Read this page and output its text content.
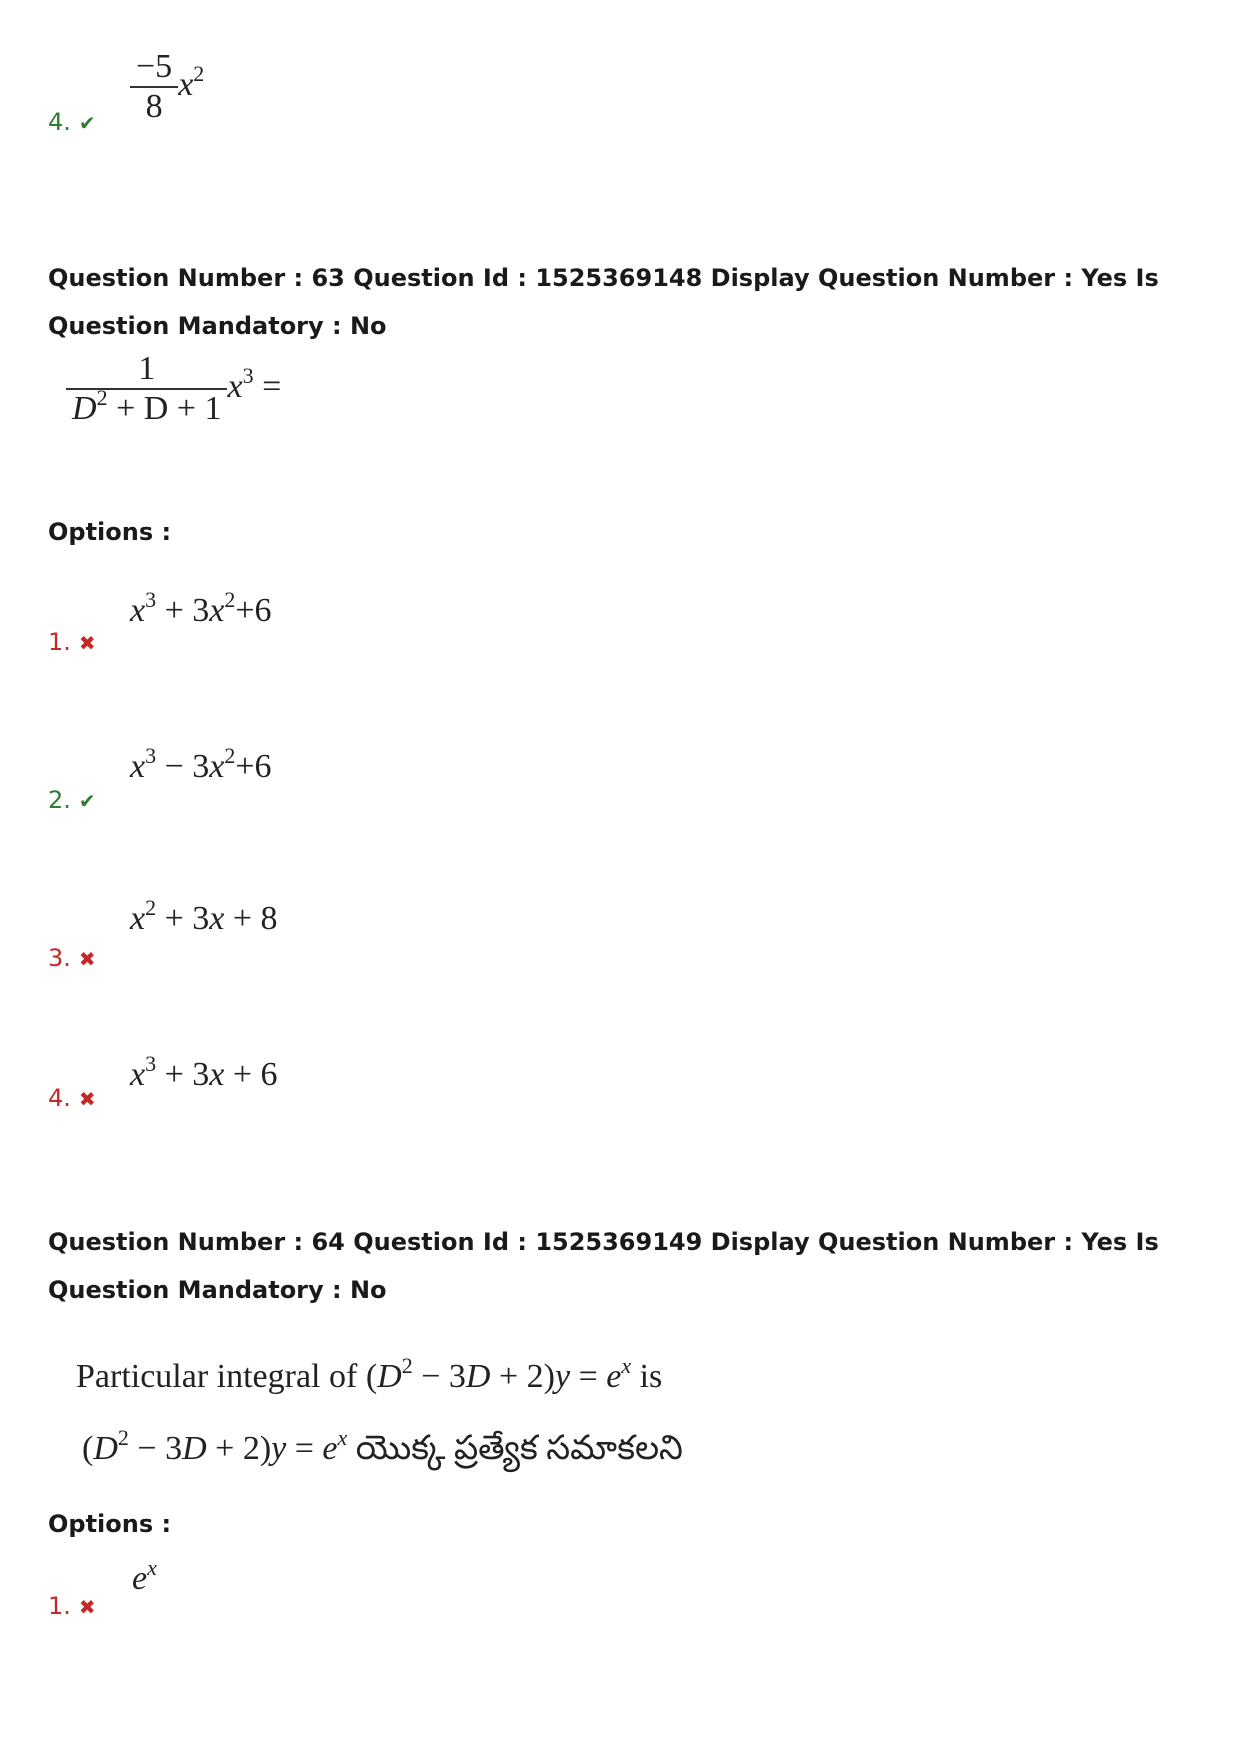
4. ✔ $\frac{-5}{8} x^2$

Question Number : 63 Question Id : 1525369148 Display Question Number : Yes Is Question Mandatory : No

$\frac{1}{D^2 + D + 1} x^3$ =

Options :

1. ✖
$x^3 + 3x^2+6$
2. ✔
$x^3 - 3x^2+6$
3. ✖
$x^2 + 3x + 8$
4. ✖
$x^3 + 3x + 6$

Question Number : 64 Question Id : 1525369149 Display Question Number : Yes Is Question Mandatory : No

Particular integral of $(D^2 - 3D + 2)y = e^x$ is
$(D^2 - 3D + 2)y = e^x$ యొక్క ప్రత్యేక సమాకలని

Options :

1. ✖
$e^x$
